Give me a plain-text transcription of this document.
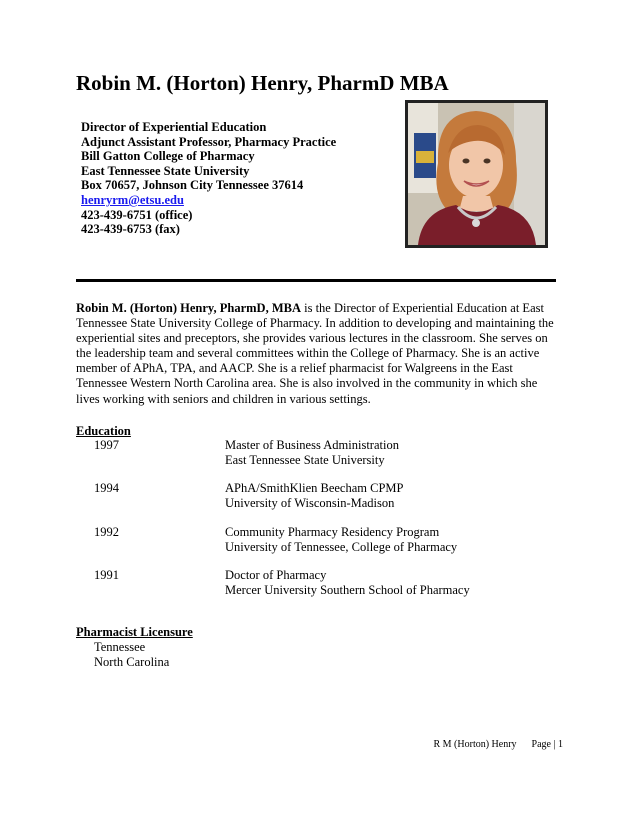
Robin M. (Horton) Henry, PharmD MBA
Director of Experiential Education
Adjunct Assistant Professor, Pharmacy Practice
Bill Gatton College of Pharmacy
East Tennessee State University
Box 70657, Johnson City Tennessee 37614
henryrm@etsu.edu
423-439-6751 (office)
423-439-6753 (fax)

Robin M. (Horton) Henry, PharmD, MBA is the Director of Experiential Education at East Tennessee State University College of Pharmacy. In addition to developing and maintaining the experiential sites and preceptors, she provides various lectures in the classroom. She serves on the leadership team and several committees within the College of Pharmacy. She is an active member of APhA, TPA, and AACP. She is a relief pharmacist for Walgreens in the East Tennessee Western North Carolina area. She is also involved in the community in which she lives working with seniors and children in various settings.

Education
1997	Master of Business Administration
East Tennessee State University
1994	APhA/SmithKlien Beecham CPMP
University of Wisconsin-Madison
1992	Community Pharmacy Residency Program
University of Tennessee, College of Pharmacy
1991	Doctor of Pharmacy
Mercer University Southern School of Pharmacy
Pharmacist Licensure
Tennessee
North Carolina
R M (Horton) Henry Page | 1
